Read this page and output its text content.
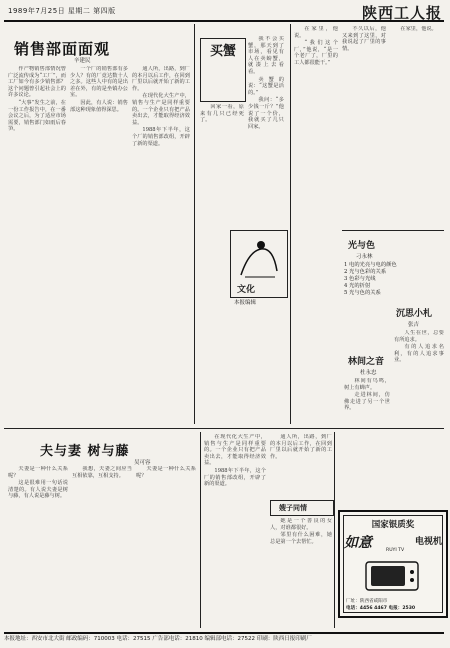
1989年7月25日 星期二 第四版	陕西工人报
销售部面面观
辛建民

作产物销售部情况曾广泛流传成为“工厂”，而工厂如今有多少销售部？这个问题曾引起社会上的许多议论。

“大事”发生之前，在一份工作报告中，在一番会议之后，为了适应市场需要，销售部门如雨后春笋。

一个厂的销售部有多少人？有的厂竟达数十人之多。这些人中有的是出差在外，有的是坐镇办公室。

因此，有人说：销售部这种现象值得深思。

通人所，出路，到厂的本月以后工作，在回到厂里以后就开始了新的工作。

在现代化大生产中，销售与生产是同样重要的。一个企业只有把产品卖出去，才能取得经济效益。

1988年下半年，这个厂的销售部改组，开辟了新的渠道。

买蟹

我不会买蟹，那天到了市场，看见有人在卖螃蟹，就凑上去看看。

卖蟹的说：“这蟹是活的。”

我问：“多少钱一斤？”他说了一个价，我就买了几只回家。

文化
本报编辑

回家一看，原来有几只已经死了。

在家里，他说。

“我们这个厂，”他说，“是一个老厂了，厂里的工人都很能干。”

不久以后，他又来到了这里，对我说起了厂里的事情。

在家里，他说。

光与色
刁永林
1 电的光亮与电的颜色
2 光与色彩的关系
3 色彩与光线
4 光的折射
5 光与色的关系
沉思小札
张吉

人生在世，总要有所追求。

有的人追求名利，有的人追求事业。

林间之音
杜永忠

林间有鸟鸣，树上有蝉声。

走进林间，仿佛走进了另一个世界。

夫与妻 树与藤
吴可容

夫妻是一种什么关系呢？

这是很难用一句话说清楚的。有人说夫妻是树与藤，有人说是藤与树。

我想，夫妻之间应当互相依靠，互相支持。

夫妻是一种什么关系呢？

在现代化大生产中，销售与生产是同样重要的。一个企业只有把产品卖出去，才能取得经济效益。

1988年下半年，这个厂的销售部改组，开辟了新的渠道。

通人所，出路，到厂的本月以后工作，在回到厂里以后就开始了新的工作。

嫂子同情

她是一个善良的女人，对谁都很好。

邻里有什么困难，她总是第一个去帮忙。

国家银质奖
如意	电视机
RUYI TV
厂址：陕西省咸阳市
电话：4456 4467 电报：2530
本报地址：西安市北大街 邮政编码：710003 电话：27515 广告部电话：21810 编辑部电话：27522 印刷：陕西日报印刷厂
